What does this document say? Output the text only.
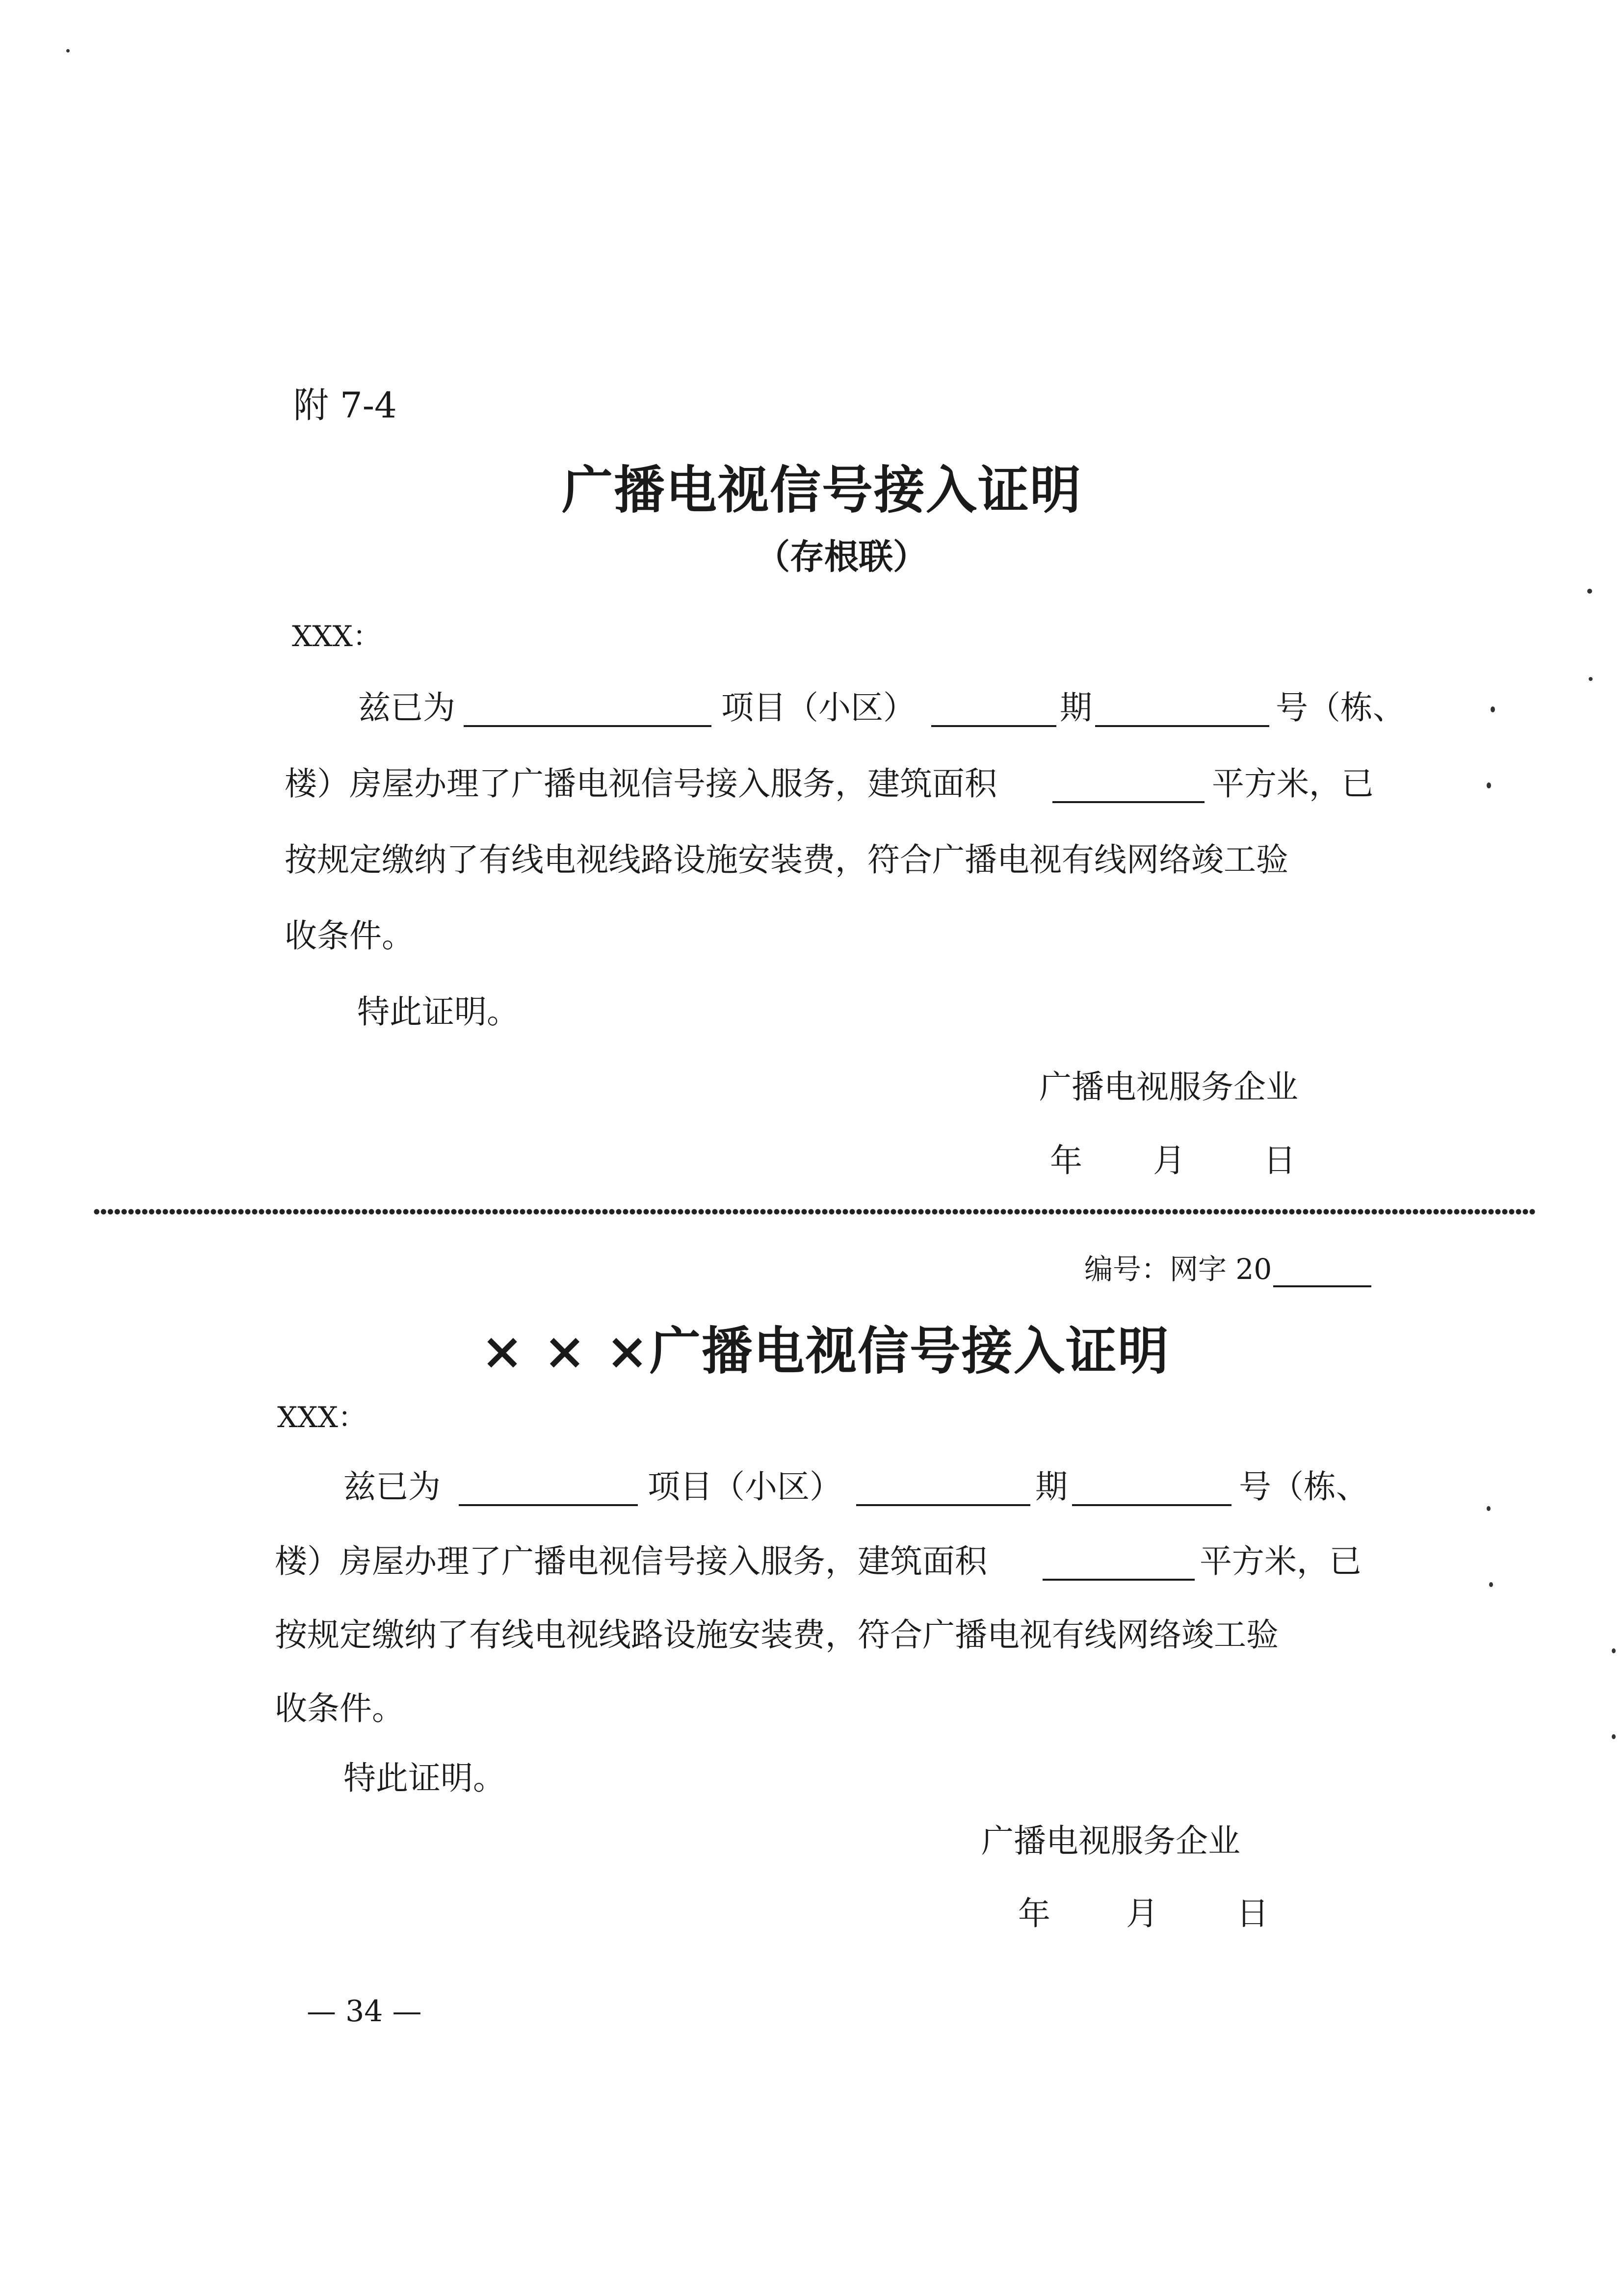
附 7-4
广播电视信号接入证明
（存根联）
XXX：
兹已为	项目（小区）	期	号（栋、
楼）房屋办理了广播电视信号接入服务，建筑面积	平方米，已
按规定缴纳了有线电视线路设施安装费，符合广播电视有线网络竣工验
收条件。
特此证明。
广播电视服务企业
年 月 日
编号：网字 20
× × ×广播电视信号接入证明
XXX：
兹已为	项目（小区）	期	号（栋、
楼）房屋办理了广播电视信号接入服务，建筑面积	平方米，已
按规定缴纳了有线电视线路设施安装费，符合广播电视有线网络竣工验
收条件。
特此证明。
广播电视服务企业
年 月 日
— 34 —
